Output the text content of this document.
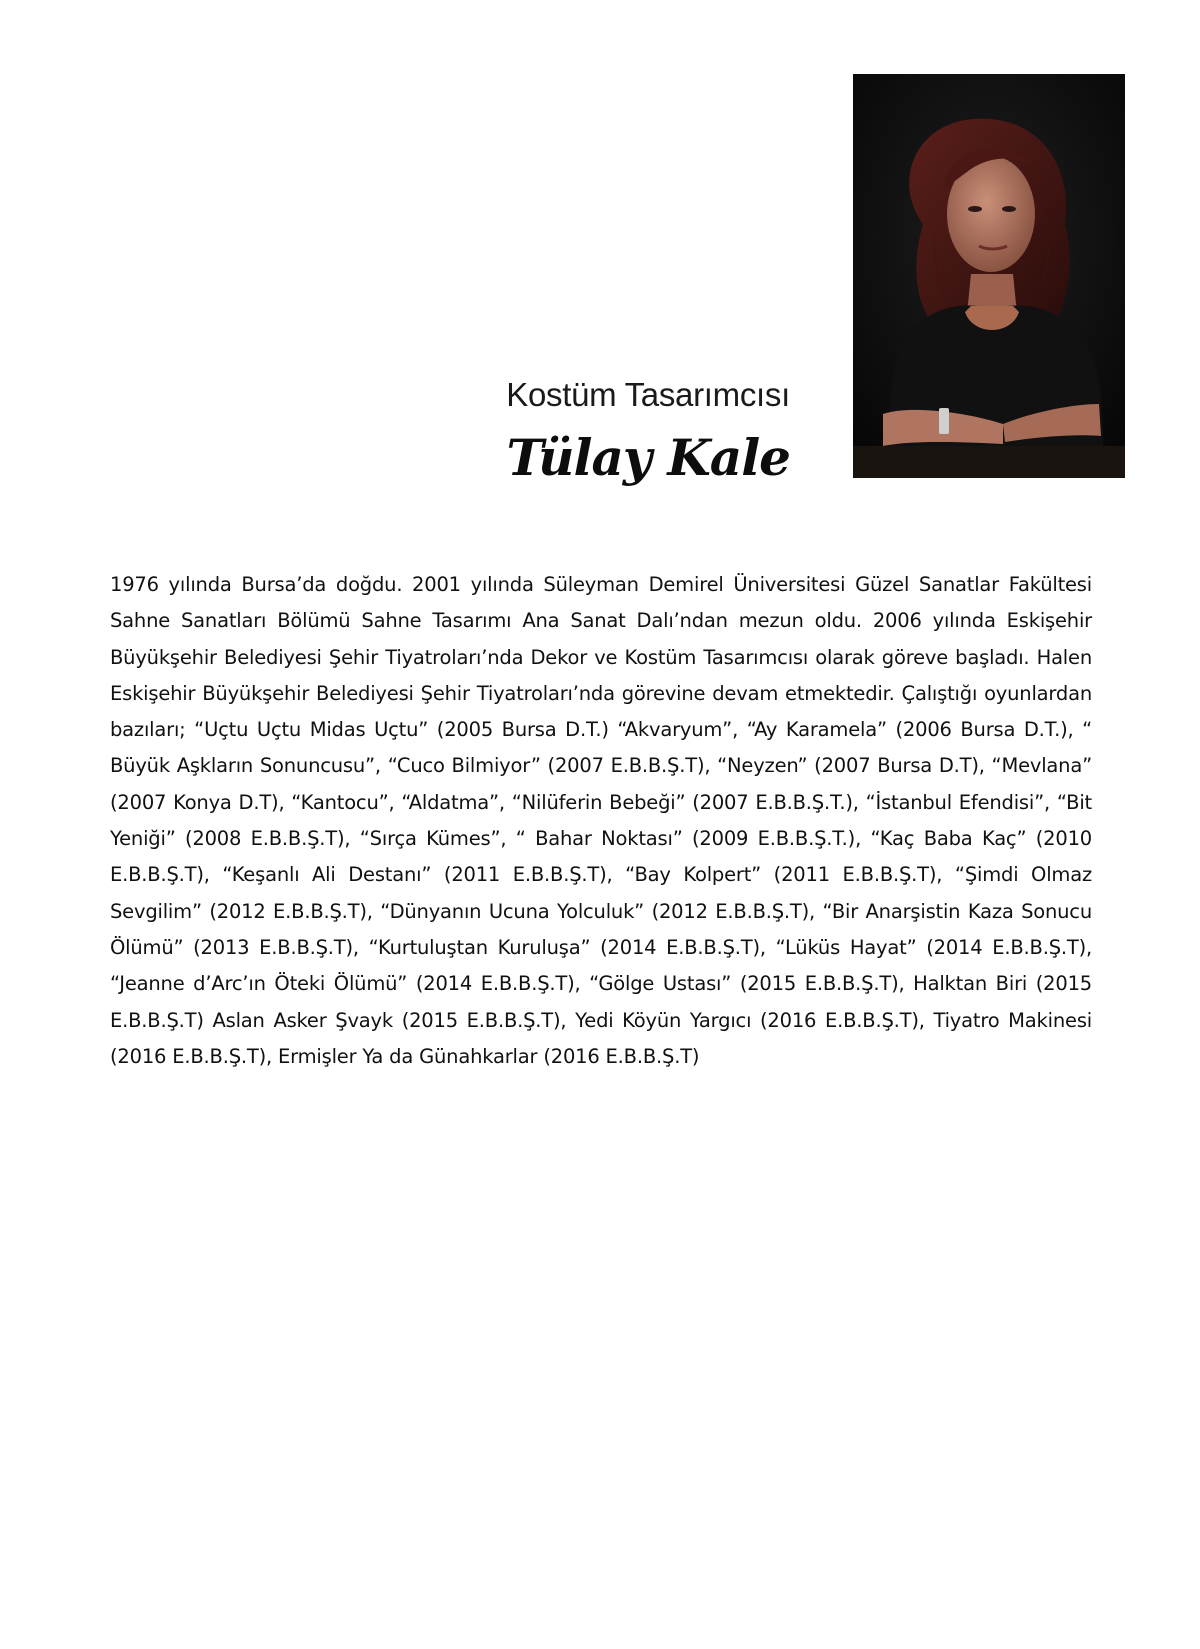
Kostüm Tasarımcısı
Tülay Kale
1976 yılında Bursa’da doğdu. 2001 yılında Süleyman Demirel Üniversitesi Güzel Sanatlar Fakültesi Sahne Sanatları Bölümü Sahne Tasarımı Ana Sanat Dalı’ndan mezun oldu. 2006 yılında Eskişehir Büyükşehir Belediyesi Şehir Tiyatroları’nda Dekor ve Kostüm Tasarımcısı olarak göreve başladı. Halen Eskişehir Büyükşehir Belediyesi Şehir Tiyatroları’nda görevine devam etmektedir. Çalıştığı oyunlardan bazıları; “Uçtu Uçtu Midas Uçtu” (2005 Bursa D.T.) “Akvaryum”, “Ay Karamela” (2006 Bursa D.T.), “ Büyük Aşkların Sonuncusu”, “Cuco Bilmiyor” (2007 E.B.B.Ş.T), “Neyzen” (2007 Bursa D.T), “Mevlana” (2007 Konya D.T), “Kantocu”, “Aldatma”, “Nilüferin Bebeği” (2007 E.B.B.Ş.T.), “İstanbul Efendisi”, “Bit Yeniği” (2008 E.B.B.Ş.T), “Sırça Kümes”, “ Bahar Noktası” (2009 E.B.B.Ş.T.), “Kaç Baba Kaç” (2010 E.B.B.Ş.T), “Keşanlı Ali Destanı” (2011 E.B.B.Ş.T), “Bay Kolpert” (2011 E.B.B.Ş.T), “Şimdi Olmaz Sevgilim” (2012 E.B.B.Ş.T), “Dünyanın Ucuna Yolculuk” (2012 E.B.B.Ş.T), “Bir Anarşistin Kaza Sonucu Ölümü” (2013 E.B.B.Ş.T), “Kurtuluştan Kuruluşa” (2014 E.B.B.Ş.T), “Lüküs Hayat” (2014 E.B.B.Ş.T), “Jeanne d’Arc’ın Öteki Ölümü” (2014 E.B.B.Ş.T), “Gölge Ustası” (2015 E.B.B.Ş.T), Halktan Biri (2015 E.B.B.Ş.T) Aslan Asker Şvayk (2015 E.B.B.Ş.T), Yedi Köyün Yargıcı (2016 E.B.B.Ş.T), Tiyatro Makinesi (2016 E.B.B.Ş.T), Ermişler Ya da Günahkarlar (2016 E.B.B.Ş.T)
